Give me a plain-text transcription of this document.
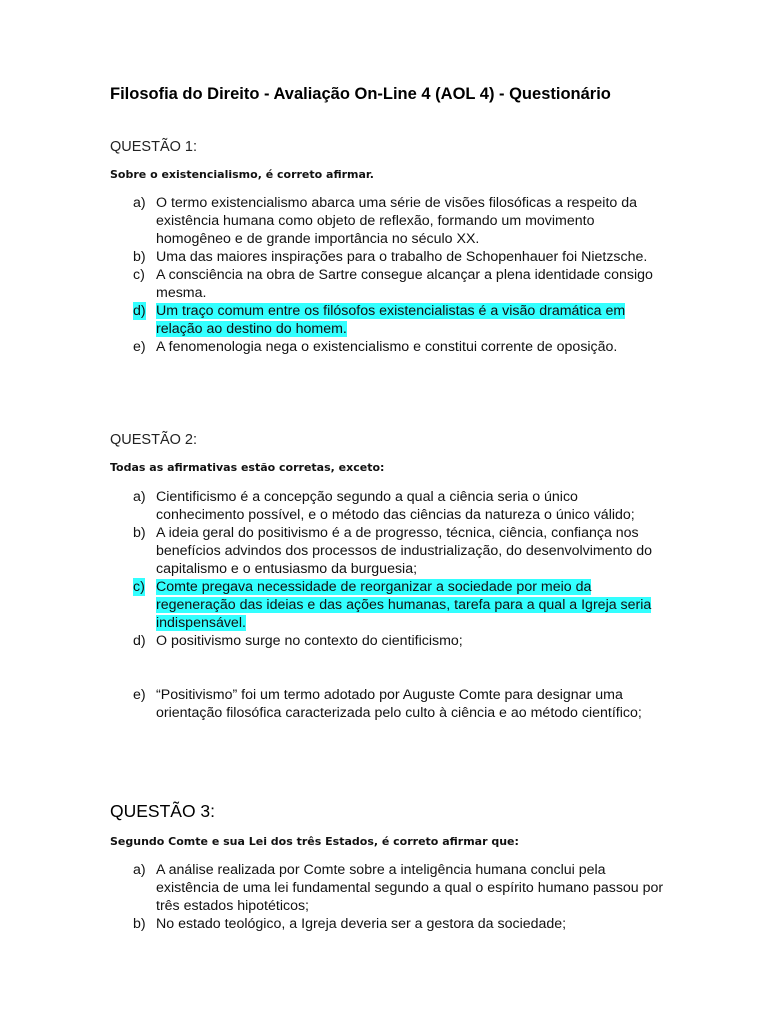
Filosofia do Direito - Avaliação On-Line 4 (AOL 4) - Questionário
QUESTÃO 1:

Sobre o existencialismo, é correto afirmar.

a) O termo existencialismo abarca uma série de visões filosóficas a respeito da existência humana como objeto de reflexão, formando um movimento homogêneo e de grande importância no século XX.
b) Uma das maiores inspirações para o trabalho de Schopenhauer foi Nietzsche.
c) A consciência na obra de Sartre consegue alcançar a plena identidade consigo mesma.
d) Um traço comum entre os filósofos existencialistas é a visão dramática em relação ao destino do homem.
e) A fenomenologia nega o existencialismo e constitui corrente de oposição.
QUESTÃO 2:

Todas as afirmativas estão corretas, exceto:

a) Cientificismo é a concepção segundo a qual a ciência seria o único conhecimento possível, e o método das ciências da natureza o único válido;
b) A ideia geral do positivismo é a de progresso, técnica, ciência, confiança nos benefícios advindos dos processos de industrialização, do desenvolvimento do capitalismo e o entusiasmo da burguesia;
c) Comte pregava necessidade de reorganizar a sociedade por meio da regeneração das ideias e das ações humanas, tarefa para a qual a Igreja seria indispensável.
d) O positivismo surge no contexto do cientificismo;
e) “Positivismo” foi um termo adotado por Auguste Comte para designar uma orientação filosófica caracterizada pelo culto à ciência e ao método científico;
QUESTÃO 3:

Segundo Comte e sua Lei dos três Estados, é correto afirmar que:

a) A análise realizada por Comte sobre a inteligência humana conclui pela existência de uma lei fundamental segundo a qual o espírito humano passou por três estados hipotéticos;
b) No estado teológico, a Igreja deveria ser a gestora da sociedade;
